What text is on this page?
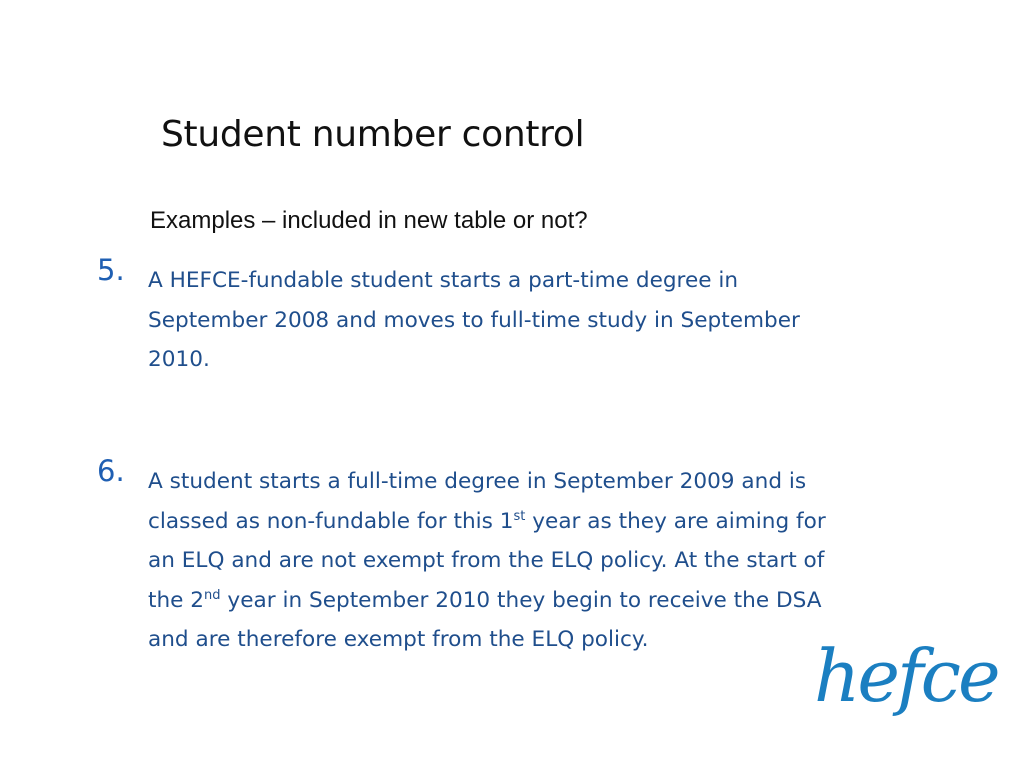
Student number control
Examples – included in new table or not?
5. A HEFCE-fundable student starts a part-time degree in
September 2008 and moves to full-time study in September
2010.
6. A student starts a full-time degree in September 2009 and is
classed as non-fundable for this 1st year as they are aiming for
an ELQ and are not exempt from the ELQ policy. At the start of
the 2nd year in September 2010 they begin to receive the DSA
and are therefore exempt from the ELQ policy.	hefce
